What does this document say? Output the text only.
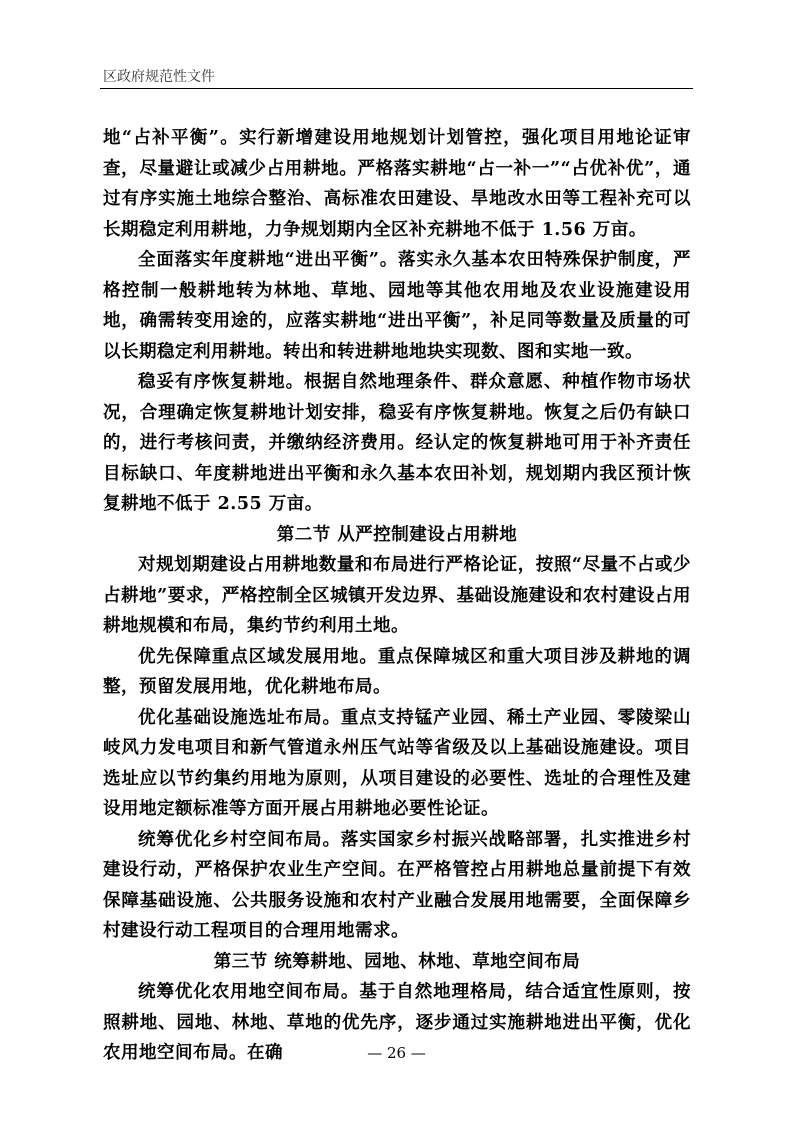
区政府规范性文件

地“占补平衡”。实行新增建设用地规划计划管控，强化项目用地论证审查，尽量避让或减少占用耕地。严格落实耕地“占一补一”“占优补优”，通过有序实施土地综合整治、高标准农田建设、旱地改水田等工程补充可以长期稳定利用耕地，力争规划期内全区补充耕地不低于 1.56 万亩。

全面落实年度耕地“进出平衡”。落实永久基本农田特殊保护制度，严格控制一般耕地转为林地、草地、园地等其他农用地及农业设施建设用地，确需转变用途的，应落实耕地“进出平衡”，补足同等数量及质量的可以长期稳定利用耕地。转出和转进耕地地块实现数、图和实地一致。

稳妥有序恢复耕地。根据自然地理条件、群众意愿、种植作物市场状况，合理确定恢复耕地计划安排，稳妥有序恢复耕地。恢复之后仍有缺口的，进行考核问责，并缴纳经济费用。经认定的恢复耕地可用于补齐责任目标缺口、年度耕地进出平衡和永久基本农田补划，规划期内我区预计恢复耕地不低于 2.55 万亩。

第二节 从严控制建设占用耕地

对规划期建设占用耕地数量和布局进行严格论证，按照“尽量不占或少占耕地”要求，严格控制全区城镇开发边界、基础设施建设和农村建设占用耕地规模和布局，集约节约利用土地。

优先保障重点区域发展用地。重点保障城区和重大项目涉及耕地的调整，预留发展用地，优化耕地布局。

优化基础设施选址布局。重点支持锰产业园、稀土产业园、零陵梁山岐风力发电项目和新气管道永州压气站等省级及以上基础设施建设。项目选址应以节约集约用地为原则，从项目建设的必要性、选址的合理性及建设用地定额标准等方面开展占用耕地必要性论证。

统筹优化乡村空间布局。落实国家乡村振兴战略部署，扎实推进乡村建设行动，严格保护农业生产空间。在严格管控占用耕地总量前提下有效保障基础设施、公共服务设施和农村产业融合发展用地需要，全面保障乡村建设行动工程项目的合理用地需求。

第三节 统筹耕地、园地、林地、草地空间布局

统筹优化农用地空间布局。基于自然地理格局，结合适宜性原则，按照耕地、园地、林地、草地的优先序，逐步通过实施耕地进出平衡，优化农用地空间布局。在确	— 26 —
